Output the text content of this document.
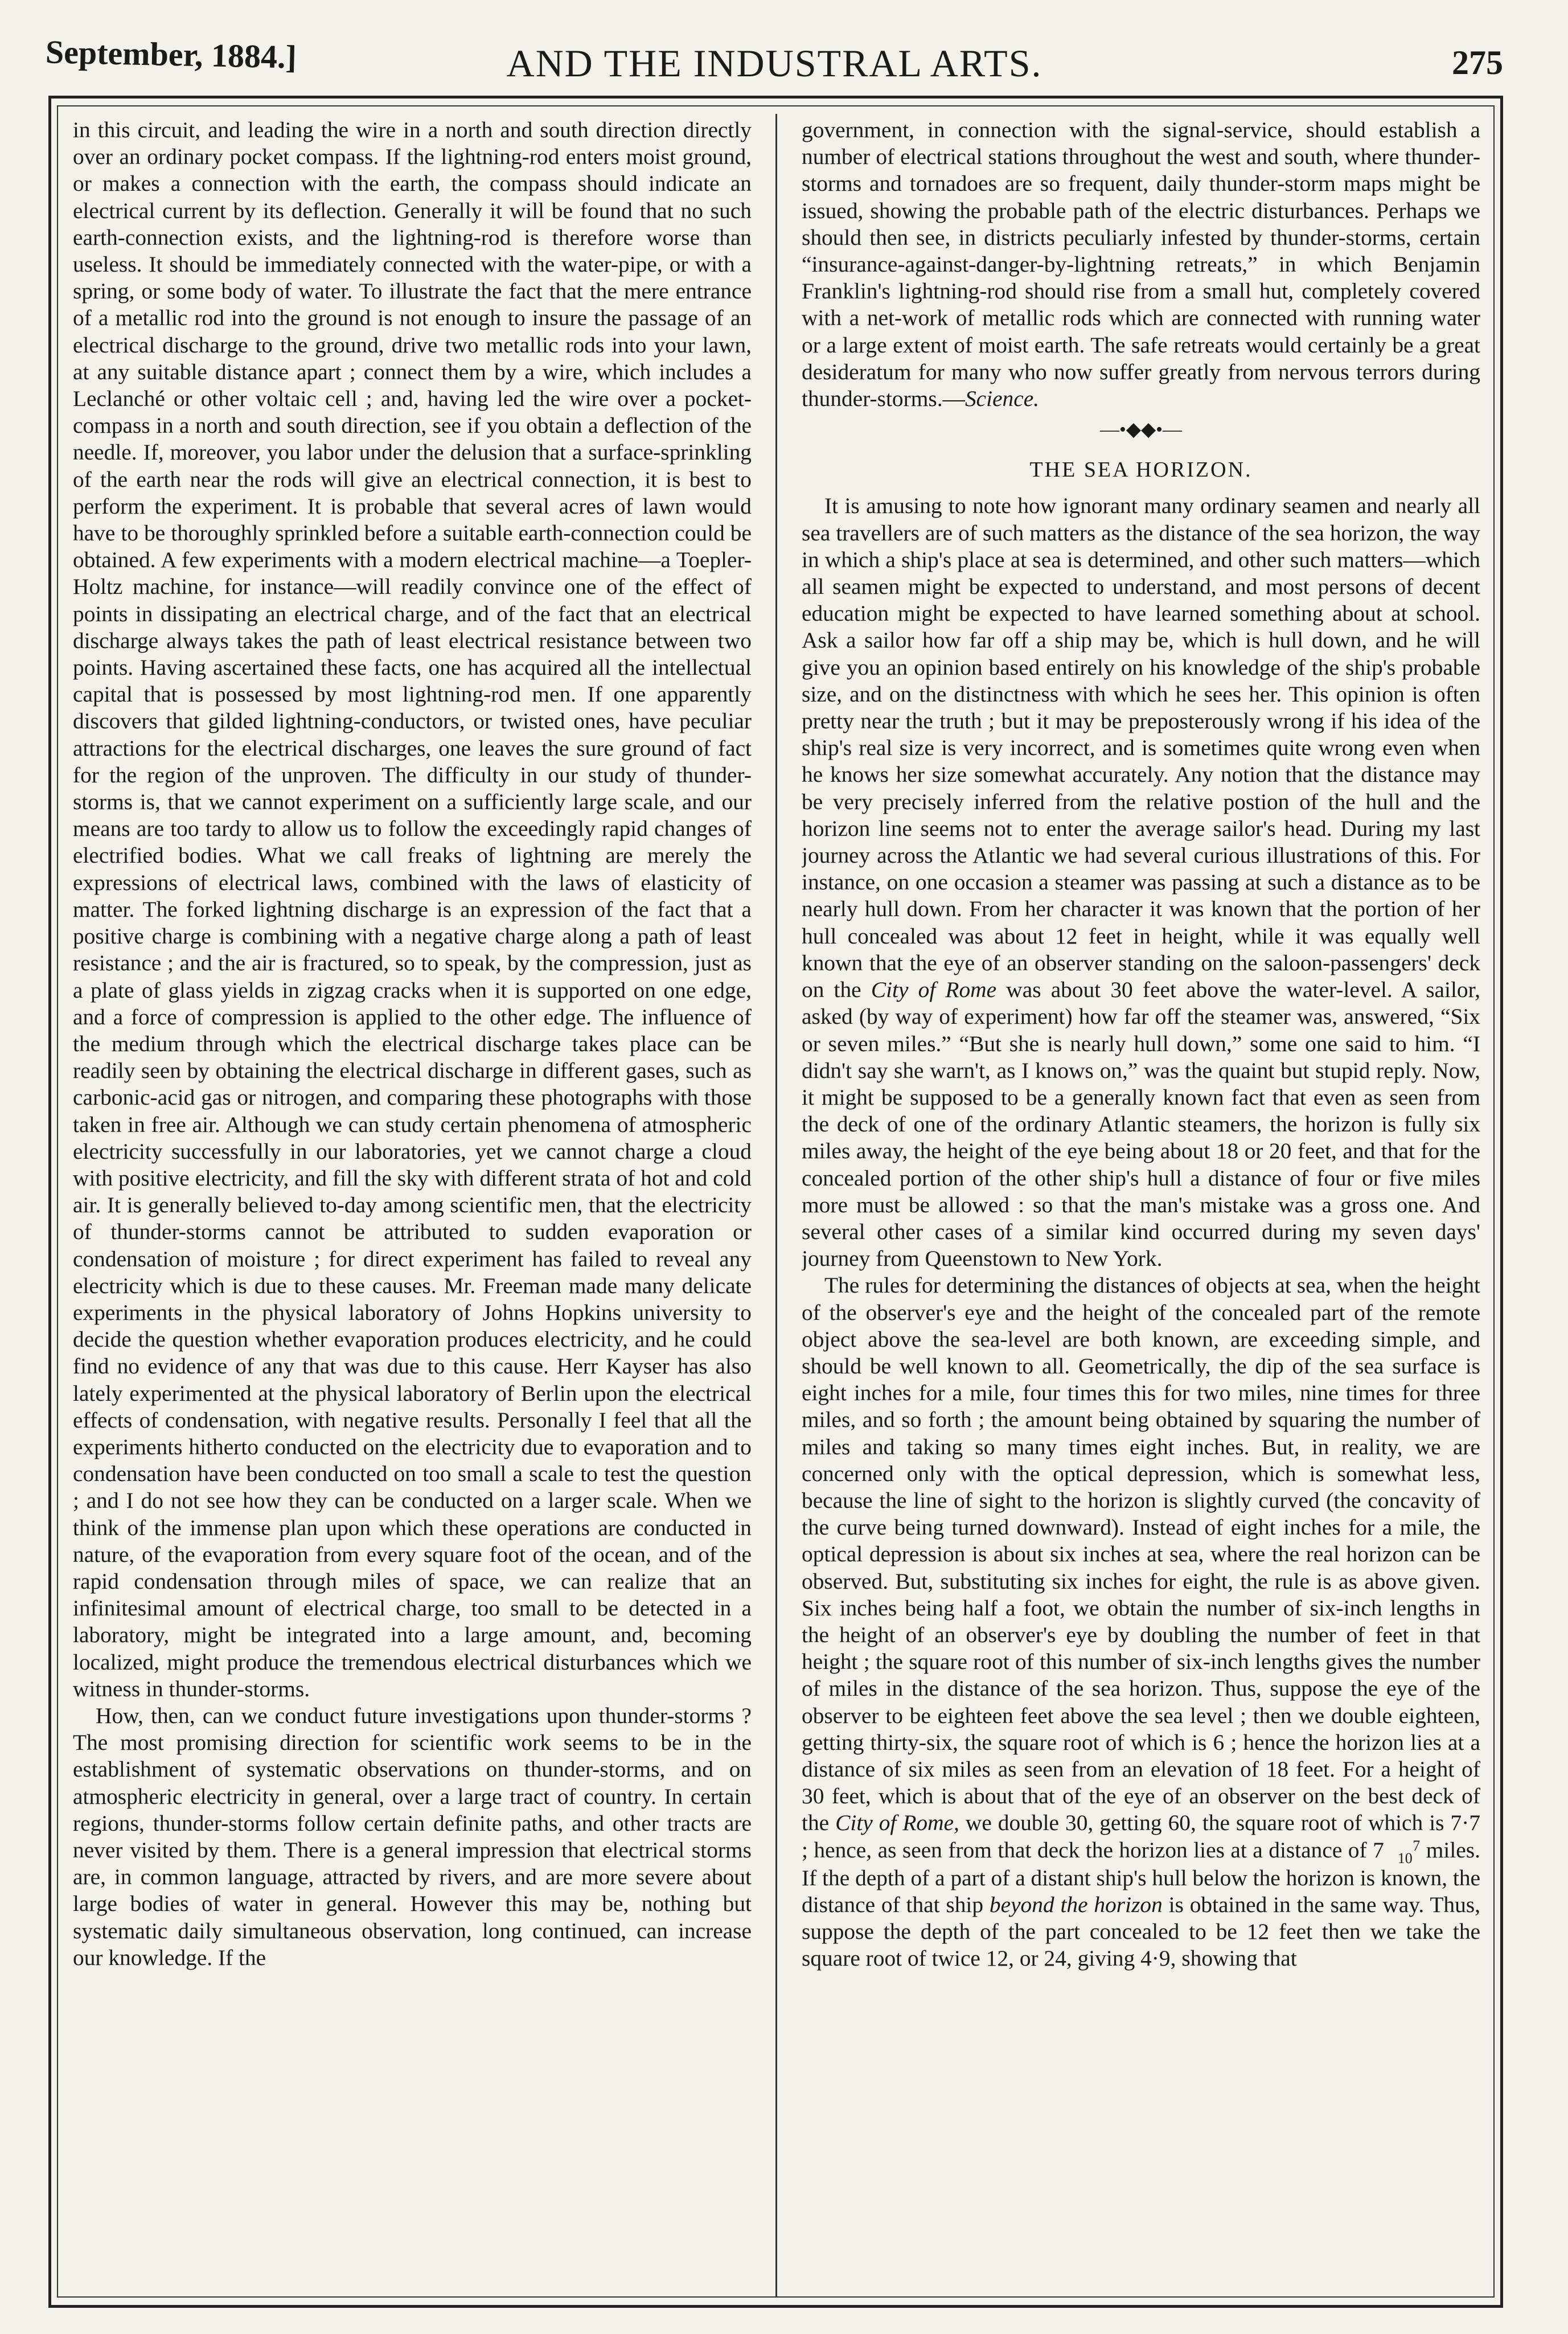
September, 1884.]	AND THE INDUSTRAL ARTS.	275

in this circuit, and leading the wire in a north and south direction directly over an ordinary pocket compass. If the lightning-rod enters moist ground, or makes a connection with the earth, the compass should indicate an electrical current by its deflection. Generally it will be found that no such earth-connection exists, and the lightning-rod is therefore worse than useless. It should be immediately connected with the water-pipe, or with a spring, or some body of water. To illustrate the fact that the mere entrance of a metallic rod into the ground is not enough to insure the passage of an electrical discharge to the ground, drive two metallic rods into your lawn, at any suitable distance apart ; connect them by a wire, which includes a Leclanché or other voltaic cell ; and, having led the wire over a pocket-compass in a north and south direction, see if you obtain a deflection of the needle. If, moreover, you labor under the delusion that a surface-sprinkling of the earth near the rods will give an electrical connection, it is best to perform the experiment. It is probable that several acres of lawn would have to be thoroughly sprinkled before a suitable earth-connection could be obtained. A few experiments with a modern electrical machine—a Toepler-Holtz machine, for instance—will readily convince one of the effect of points in dissipating an electrical charge, and of the fact that an electrical discharge always takes the path of least electrical resistance between two points. Having ascertained these facts, one has acquired all the intellectual capital that is possessed by most lightning-rod men. If one apparently discovers that gilded lightning-conductors, or twisted ones, have peculiar attractions for the electrical discharges, one leaves the sure ground of fact for the region of the unproven. The difficulty in our study of thunder-storms is, that we cannot experiment on a sufficiently large scale, and our means are too tardy to allow us to follow the exceedingly rapid changes of electrified bodies. What we call freaks of lightning are merely the expressions of electrical laws, combined with the laws of elasticity of matter. The forked lightning discharge is an expression of the fact that a positive charge is combining with a negative charge along a path of least resistance ; and the air is fractured, so to speak, by the compression, just as a plate of glass yields in zigzag cracks when it is supported on one edge, and a force of compression is applied to the other edge. The influence of the medium through which the electrical discharge takes place can be readily seen by obtaining the electrical discharge in different gases, such as carbonic-acid gas or nitrogen, and comparing these photographs with those taken in free air. Although we can study certain phenomena of atmospheric electricity successfully in our laboratories, yet we cannot charge a cloud with positive electricity, and fill the sky with different strata of hot and cold air. It is generally believed to-day among scientific men, that the electricity of thunder-storms cannot be attributed to sudden evaporation or condensation of moisture ; for direct experiment has failed to reveal any electricity which is due to these causes. Mr. Freeman made many delicate experiments in the physical laboratory of Johns Hopkins university to decide the question whether evaporation produces electricity, and he could find no evidence of any that was due to this cause. Herr Kayser has also lately experimented at the physical laboratory of Berlin upon the electrical effects of condensation, with negative results. Personally I feel that all the experiments hitherto conducted on the electricity due to evaporation and to condensation have been conducted on too small a scale to test the question ; and I do not see how they can be conducted on a larger scale. When we think of the immense plan upon which these operations are conducted in nature, of the evaporation from every square foot of the ocean, and of the rapid condensation through miles of space, we can realize that an infinitesimal amount of electrical charge, too small to be detected in a laboratory, might be integrated into a large amount, and, becoming localized, might produce the tremendous electrical disturbances which we witness in thunder-storms.

How, then, can we conduct future investigations upon thunder-storms ? The most promising direction for scientific work seems to be in the establishment of systematic observations on thunder-storms, and on atmospheric electricity in general, over a large tract of country. In certain regions, thunder-storms follow certain definite paths, and other tracts are never visited by them. There is a general impression that electrical storms are, in common language, attracted by rivers, and are more severe about large bodies of water in general. However this may be, nothing but systematic daily simultaneous observation, long continued, can increase our knowledge. If the

government, in connection with the signal-service, should establish a number of electrical stations throughout the west and south, where thunder-storms and tornadoes are so frequent, daily thunder-storm maps might be issued, showing the probable path of the electric disturbances. Perhaps we should then see, in districts peculiarly infested by thunder-storms, certain “insurance-against-danger-by-lightning retreats,” in which Benjamin Franklin's lightning-rod should rise from a small hut, completely covered with a net-work of metallic rods which are connected with running water or a large extent of moist earth. The safe retreats would certainly be a great desideratum for many who now suffer greatly from nervous terrors during thunder-storms.—Science.

—•◆◆•—

THE SEA HORIZON.

It is amusing to note how ignorant many ordinary seamen and nearly all sea travellers are of such matters as the distance of the sea horizon, the way in which a ship's place at sea is determined, and other such matters—which all seamen might be expected to understand, and most persons of decent education might be expected to have learned something about at school. Ask a sailor how far off a ship may be, which is hull down, and he will give you an opinion based entirely on his knowledge of the ship's probable size, and on the distinctness with which he sees her. This opinion is often pretty near the truth ; but it may be preposterously wrong if his idea of the ship's real size is very incorrect, and is sometimes quite wrong even when he knows her size somewhat accurately. Any notion that the distance may be very precisely inferred from the relative postion of the hull and the horizon line seems not to enter the average sailor's head. During my last journey across the Atlantic we had several curious illustrations of this. For instance, on one occasion a steamer was passing at such a distance as to be nearly hull down. From her character it was known that the portion of her hull concealed was about 12 feet in height, while it was equally well known that the eye of an observer standing on the saloon-passengers' deck on the City of Rome was about 30 feet above the water-level. A sailor, asked (by way of experiment) how far off the steamer was, answered, “Six or seven miles.” “But she is nearly hull down,” some one said to him. “I didn't say she warn't, as I knows on,” was the quaint but stupid reply. Now, it might be supposed to be a generally known fact that even as seen from the deck of one of the ordinary Atlantic steamers, the horizon is fully six miles away, the height of the eye being about 18 or 20 feet, and that for the concealed portion of the other ship's hull a distance of four or five miles more must be allowed : so that the man's mistake was a gross one. And several other cases of a similar kind occurred during my seven days' journey from Queenstown to New York.

The rules for determining the distances of objects at sea, when the height of the observer's eye and the height of the concealed part of the remote object above the sea-level are both known, are exceeding simple, and should be well known to all. Geometrically, the dip of the sea surface is eight inches for a mile, four times this for two miles, nine times for three miles, and so forth ; the amount being obtained by squaring the number of miles and taking so many times eight inches. But, in reality, we are concerned only with the optical depression, which is somewhat less, because the line of sight to the horizon is slightly curved (the concavity of the curve being turned downward). Instead of eight inches for a mile, the optical depression is about six inches at sea, where the real horizon can be observed. But, substituting six inches for eight, the rule is as above given. Six inches being half a foot, we obtain the number of six-inch lengths in the height of an observer's eye by doubling the number of feet in that height ; the square root of this number of six-inch lengths gives the number of miles in the distance of the sea horizon. Thus, suppose the eye of the observer to be eighteen feet above the sea level ; then we double eighteen, getting thirty-six, the square root of which is 6 ; hence the horizon lies at a distance of six miles as seen from an elevation of 18 feet. For a height of 30 feet, which is about that of the eye of an observer on the best deck of the City of Rome, we double 30, getting 60, the square root of which is 7·7 ; hence, as seen from that deck the horizon lies at a distance of 7 7
10 miles. If the depth of a part of a distant ship's hull below the horizon is known, the distance of that ship beyond the horizon is obtained in the same way. Thus, suppose the depth of the part concealed to be 12 feet then we take the square root of twice 12, or 24, giving 4·9, showing that
